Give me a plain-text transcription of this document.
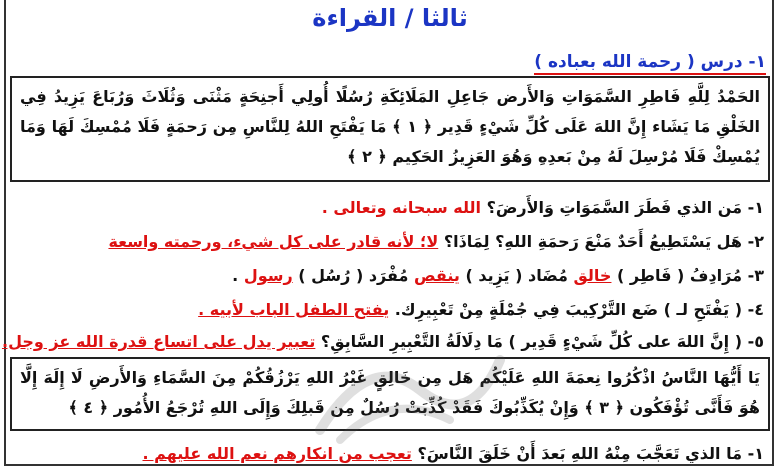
ثالثا / القراءة
١- درس ( رحمة الله بعباده )
الحَمْدُ لِلَّهِ فَاطِرِ السَّمَوَاتِ وَالأَرض جَاعِلِ المَلَائِكَةِ رُسُلًا أُولِي أَجنِحَةٍ مَثْنَى وَثُلَاثَ وَرُبَاعَ يَزِيدُ فِي الخَلْقِ مَا يَشَاء إِنَّ اللهَ عَلَى كُلِّ شَيْءٍ قَدِير ﴿ ١ ﴾ مَا يَفْتَحِ اللهُ لِلنَّاسِ مِن رَحمَةٍ فَلَا مُمْسِكَ لَهَا وَمَا يُمْسِكْ فَلَا مُرْسِلَ لَهُ مِنْ بَعدِهِ وَهُوَ العَزِيزُ الحَكِيم ﴿ ٢ ﴾
١- مَن الذي فَطَرَ السَّمَوَاتِ وَالأَرضَ؟ الله سبحانه وتعالى .
٢- هَل يَسْتَطِيعُ أَحَدٌ مَنْعَ رَحمَةِ اللهِ؟ لِمَاذَا؟ لا؛ لأنه قادر على كل شيء، ورحمته واسعة
٣- مُرَادِفُ ( فَاطِر ) خالق مُضَاد ( يَزِيد ) ينقص مُفْرَد ( رُسُل ) رسول .
٤- ( يَفْتَحِ لـ ) ضَع التَّرْكِيبَ فِي جُمْلَةٍ مِنْ تَعْبِيرِك. يفتح الطفل الباب لأبيه .
٥- ( إِنَّ اللهَ على كُلِّ شَيْءٍ قَدِير ) مَا دِلَالَةُ التَّعْبِيرِ السَّابِقِ؟ تعبير يدل على اتساع قدرة الله عز وجل.
يَا أَيُّهَا النَّاسُ اذْكُرُوا نِعمَةَ اللهِ عَلَيْكُم هَل مِن خَالِقٍ غَيْرُ اللهِ يَرْزُقُكُمْ مِنَ السَّمَاءِ وَالأَرضِ لَا إِلَهَ إِلَّا هُوَ فَأَنَّى تُؤْفَكُون ﴿ ٣ ﴾ وَإِنْ يُكَذِّبُوكَ فَقَدْ كُذِّبَتْ رُسُلٌ مِن قَبلِكَ وَإِلَى اللهِ تُرْجَعُ الأُمُور ﴿ ٤ ﴾
١- مَا الذي تَعَجَّبَ مِنْهُ اللهِ بَعدَ أَنْ خَلَقَ النَّاسَ؟ تعجب من انكارهم نعم الله عليهم .
